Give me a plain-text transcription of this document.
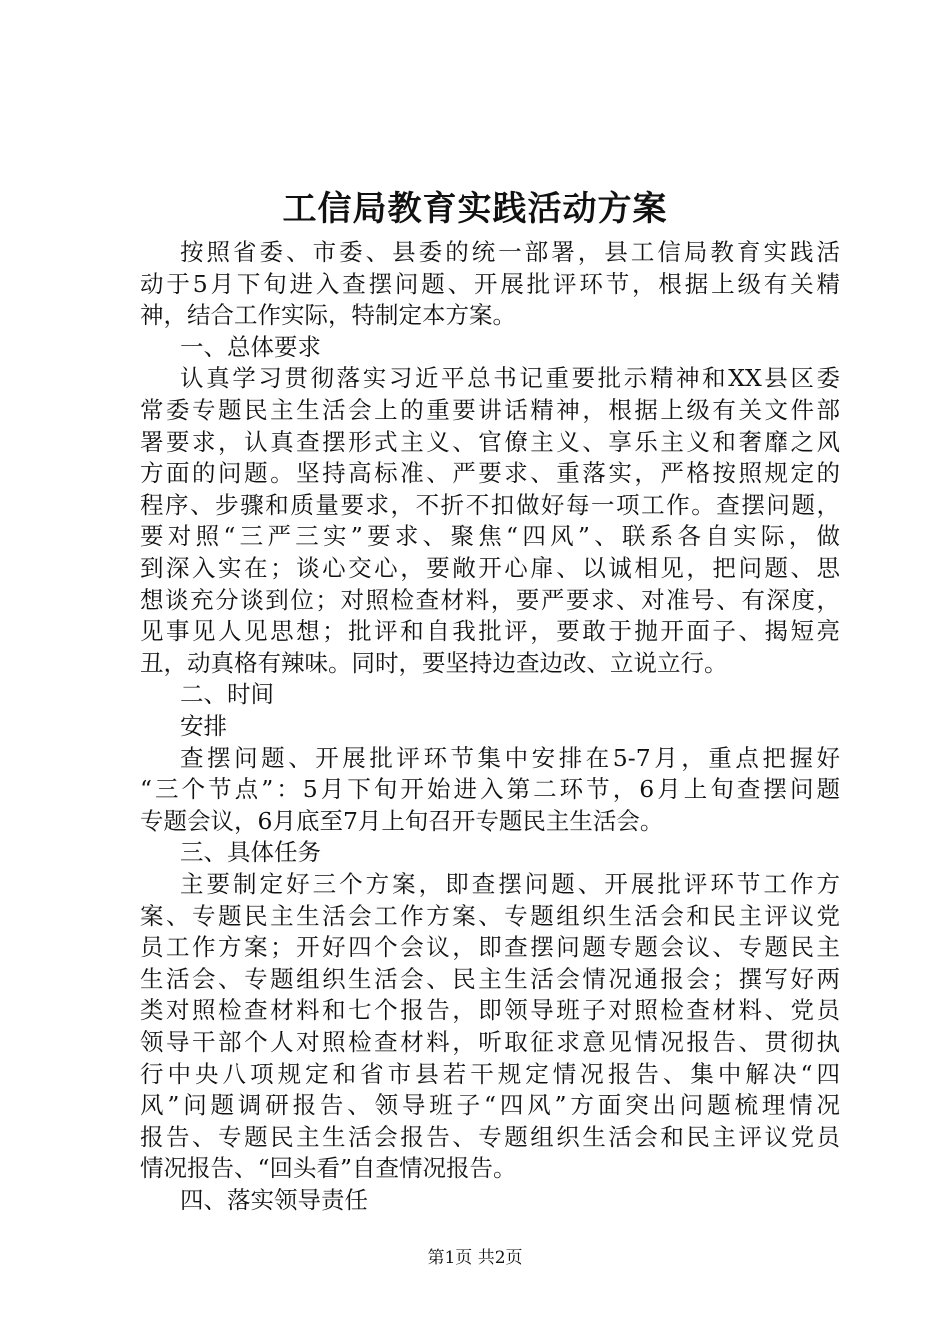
工信局教育实践活动方案
按照省委、市委、县委的统一部署，县工信局教育实践活
动于5月下旬进入查摆问题、开展批评环节，根据上级有关精
神，结合工作实际，特制定本方案。
一、总体要求
认真学习贯彻落实习近平总书记重要批示精神和XX县区委
常委专题民主生活会上的重要讲话精神，根据上级有关文件部
署要求，认真查摆形式主义、官僚主义、享乐主义和奢靡之风
方面的问题。坚持高标准、严要求、重落实，严格按照规定的
程序、步骤和质量要求，不折不扣做好每一项工作。查摆问题，
要对照“三严三实”要求、聚焦“四风”、联系各自实际，做
到深入实在；谈心交心，要敞开心扉、以诚相见，把问题、思
想谈充分谈到位；对照检查材料，要严要求、对准号、有深度，
见事见人见思想；批评和自我批评，要敢于抛开面子、揭短亮
丑，动真格有辣味。同时，要坚持边查边改、立说立行。
二、时间
安排
查摆问题、开展批评环节集中安排在5-7月，重点把握好
“三个节点”：5月下旬开始进入第二环节，6月上旬查摆问题
专题会议，6月底至7月上旬召开专题民主生活会。
三、具体任务
主要制定好三个方案，即查摆问题、开展批评环节工作方
案、专题民主生活会工作方案、专题组织生活会和民主评议党
员工作方案；开好四个会议，即查摆问题专题会议、专题民主
生活会、专题组织生活会、民主生活会情况通报会；撰写好两
类对照检查材料和七个报告，即领导班子对照检查材料、党员
领导干部个人对照检查材料，听取征求意见情况报告、贯彻执
行中央八项规定和省市县若干规定情况报告、集中解决“四
风”问题调研报告、领导班子“四风”方面突出问题梳理情况
报告、专题民主生活会报告、专题组织生活会和民主评议党员
情况报告、“回头看”自查情况报告。
四、落实领导责任
第1页 共2页
